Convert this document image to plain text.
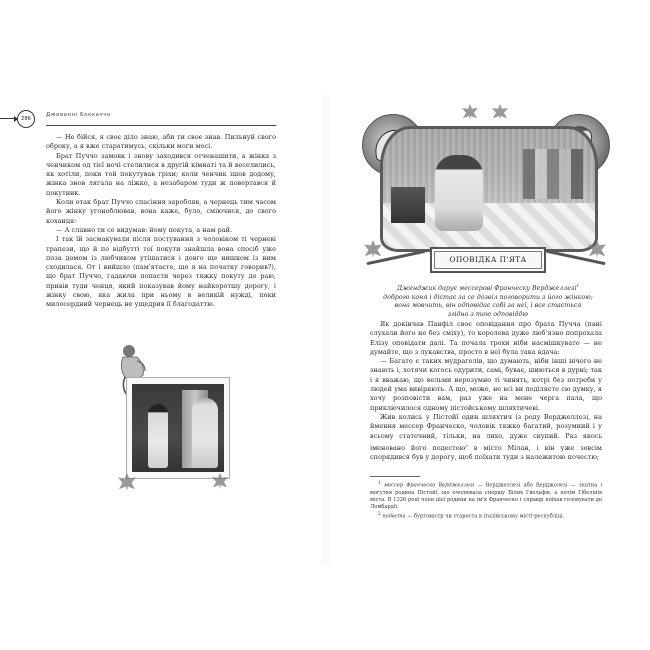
286
Джованні Боккаччо

— Не бійся, я своє діло знаю, аби ти своє знав. Пильнуй свого оброку, а я вже старатимусь, скільки моги мосі.

Брат Пуччо замовк і знову заходився отченашити, а жінка з ченчиком од тієї ночі стелилися в другій кімнаті та й веселились, як хотіли, поки той покутував гріхи; коли ченчик ішов додому, жінка знов лягала на ліжко, а незабаром туди ж повертався й покутник.

Коли отак брат Пуччо спасіння заробляв, а чернець тим часом його жінку угоноблював, вона каже, було, сміючися, до свого коханця:

— А славно ти се видумав: йому покута, а нам рай.

І так їй засмакували після постування з чоловіком ті черневі трапези, що й по відбутті тої покути знайшла вона спосіб уже поза домом із любчиком утішатися і довго ще нишком із ним сходилася. От і вийшло (пам'ятаєте, що я на початку говорив?), що брат Пуччо, гадаючи попасти через тяжку покуту до раю, привів туди ченця, який показував йому найкоротшу дорогу, і жінку свою, яка жила при ньому в великій нужді, поки милосердний чернець не ущедрив її благодаттю.

ОПОВІДКА П'ЯТА
Дженджик дарує мессерові Франческу Верджеллезі$^1$
доброго коня і дістає за се дозвіл поговорити з його жінкою;
вона мовчить, він одповідає собі за неї, і все стається
згідно з тою одповіддю

Як докінчав Панфіл своє оповідання про брата Пучча (пані слухали його не без сміху), то королева дуже любʼязно попрохала Елізу оповідати далі. Та почала трохи ніби насмішкувато — не думайте, що з лукавства, просто в неї була така вдача:

— Багато є таких мудрагелів, що думають, ніби інші нічого не знають і, хотячи когось одурити, самі, буває, шиються в дурні; так і я вважаю, що вельми нерозумно ті чинять, котрі без потреби у людей ума вивіряють. А що, може, не всі ви поділяєте сю думку, я хочу розповісти вам, раз уже на мене черга пала, що приключилося одному пістойському шляхтичеві.

Жив колись у Пістойї один шляхтич із роду Верджеллезі, на ймення мессер Франческо, чоловік тяжко багатий, розумний і у всьому статечний, тільки, на лихо, дуже скупий. Раз якось іменовано його подестою$^2$ в місто Мілан, і він уже зовсім спорядився був у дорогу, щоб поїхати туди з належитою почестю;

$^1$ мессер Франческо Верджеллезі — Верджеллезі або Верджолезі — знатна і могутня родина Пістойї, що очолювала спершу Білих Гвельфів, а потім Гібелінів міста. В 1326 році член цієї родини на ім'я Франческо і справді поїхав головувати до Ломбардії.

$^2$ подеста — бургомістр чи староста в італійському місті-республіці.
